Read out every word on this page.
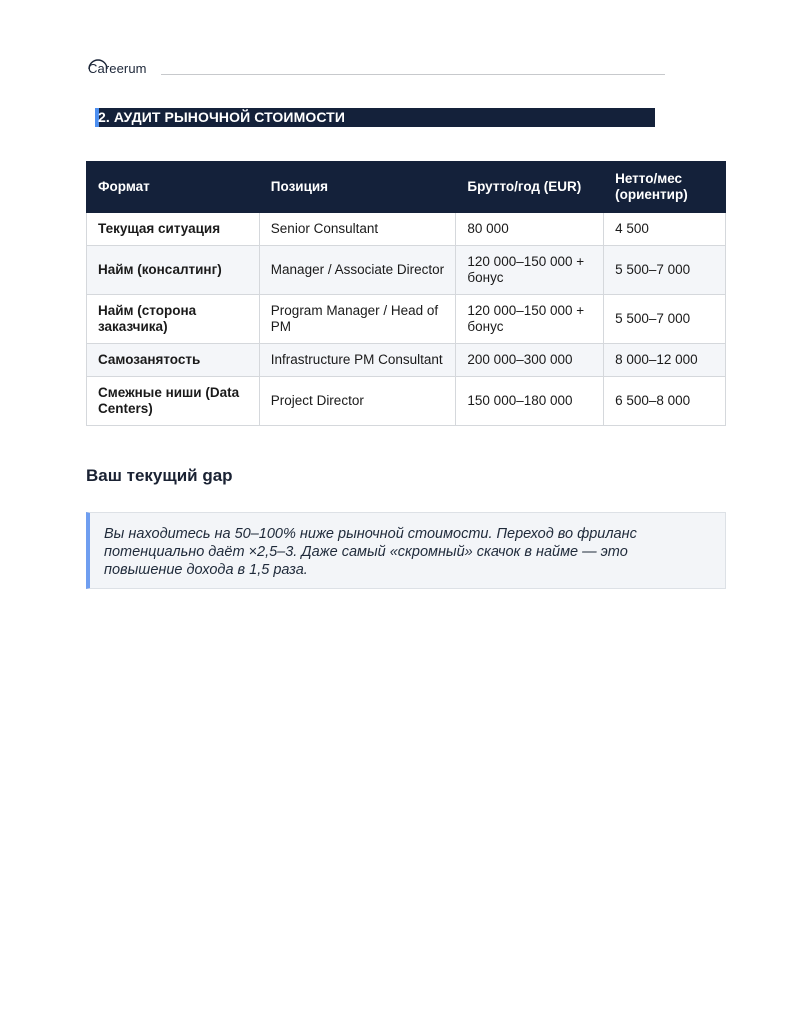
Careerum
2. АУДИТ РЫНОЧНОЙ СТОИМОСТИ
Формат	Позиция	Брутто/год (EUR)	Нетто/мес (ориентир)
Текущая ситуация	Senior Consultant	80 000	4 500
Найм (консалтинг)	Manager / Associate Director	120 000–150 000 + бонус	5 500–7 000
Найм (сторона заказчика)	Program Manager / Head of PM	120 000–150 000 + бонус	5 500–7 000
Самозанятость	Infrastructure PM Consultant	200 000–300 000	8 000–12 000
Смежные ниши (Data Centers)	Project Director	150 000–180 000	6 500–8 000
Ваш текущий gap

Вы находитесь на 50–100% ниже рыночной стоимости. Переход во фриланс потенциально даёт ×2,5–3. Даже самый «скромный» скачок в найме — это повышение дохода в 1,5 раза.
